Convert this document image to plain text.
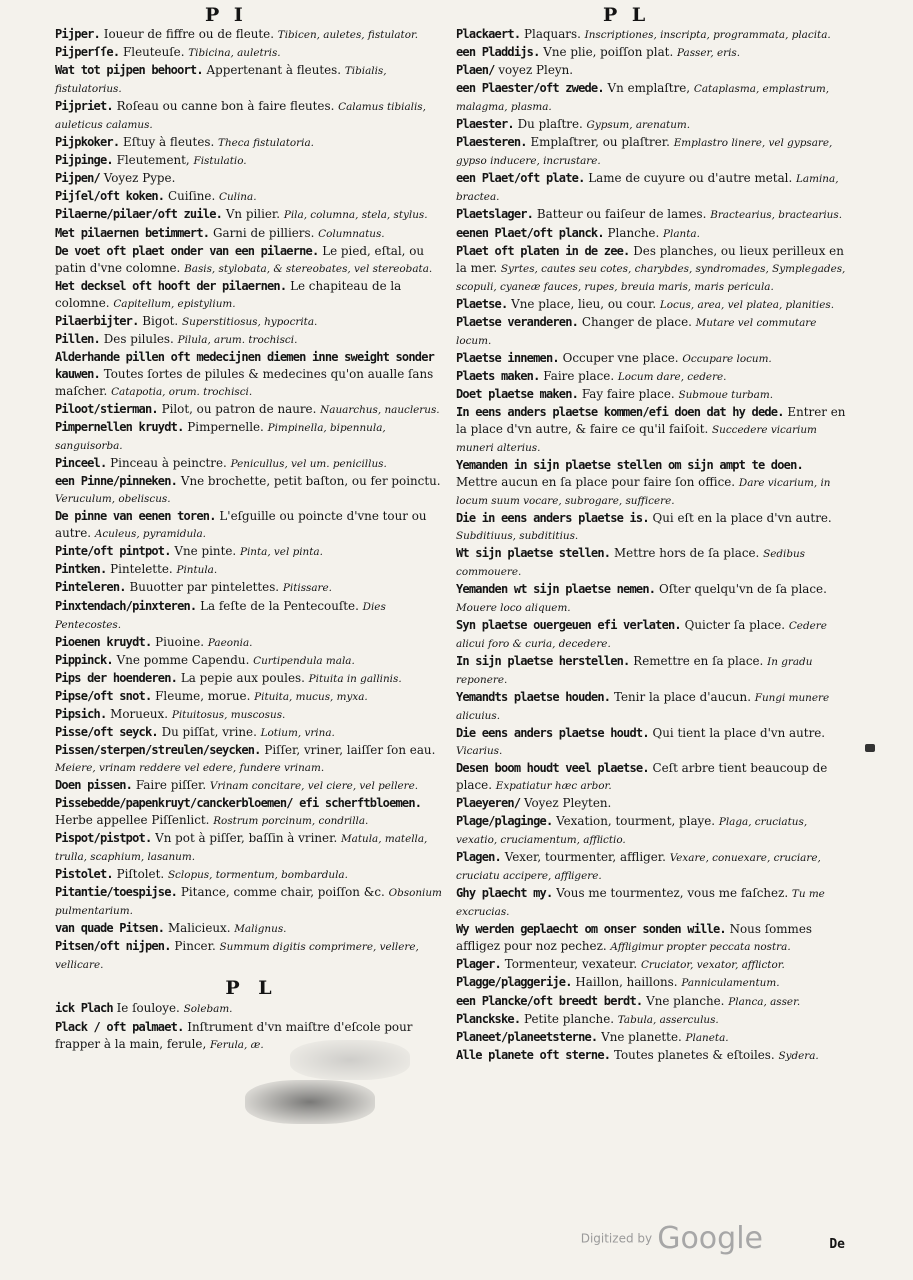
P I	P L

Pijper. Ioueur de fiffre ou de fleute. Tibicen, auletes, fistulator.

Pijperſſe. Fleuteuſe. Tibicina, auletris.

Wat tot pijpen behoort. Appertenant à fleutes. Tibialis, fistulatorius.

Pijpriet. Roſeau ou canne bon à faire fleutes. Calamus tibialis, auleticus calamus.

Pijpkoker. Eſtuy à fleutes. Theca fistulatoria.

Pijpinge. Fleutement, Fistulatio.

Pijpen/ Voyez Pype.

Pijſel/oft koken. Cuiſine. Culina.

Pilaerne/pilaer/oft zuile. Vn pilier. Pila, columna, stela, stylus.

Met pilaernen betimmert. Garni de pilliers. Columnatus.

De voet oft plaet onder van een pilaerne. Le pied, eſtal, ou patin d'vne colomne. Basis, stylobata, & stereobates, vel stereobata.

Het decksel oft hooft der pilaernen. Le chapiteau de la colomne. Capitellum, epistylium.

Pilaerbijter. Bigot. Superstitiosus, hypocrita.

Pillen. Des pilules. Pilula, arum. trochisci.

Alderhande pillen oft medecijnen diemen inne sweight sonder kauwen. Toutes ſortes de pilules & medecines qu'on aualle ſans maſcher. Catapotia, orum. trochisci.

Piloot/stierman. Pilot, ou patron de naure. Nauarchus, nauclerus.

Pimpernellen kruydt. Pimpernelle. Pimpinella, bipennula, sanguisorba.

Pinceel. Pinceau à peinctre. Penicullus, vel um. penicillus.

een Pinne/pinneken. Vne brochette, petit baſton, ou fer poinctu. Veruculum, obeliscus.

De pinne van eenen toren. L'eſguille ou poincte d'vne tour ou autre. Aculeus, pyramidula.

Pinte/oft pintpot. Vne pinte. Pinta, vel pinta.

Pintken. Pintelette. Pintula.

Pinteleren. Buuotter par pintelettes. Pitissare.

Pinxtendach/pinxteren. La feſte de la Pentecouſte. Dies Pentecostes.

Pioenen kruydt. Piuoine. Paeonia.

Pippinck. Vne pomme Capendu. Curtipendula mala.

Pips der hoenderen. La pepie aux poules. Pituita in gallinis.

Pipse/oft snot. Fleume, morue. Pituita, mucus, myxa.

Pipsich. Morueux. Pituitosus, muscosus.

Pisse/oft seyck. Du piſſat, vrine. Lotium, vrina.

Pissen/sterpen/streulen/seycken. Piſſer, vriner, laiſſer ſon eau. Meiere, vrinam reddere vel edere, fundere vrinam.

Doen pissen. Faire piſſer. Vrinam concitare, vel ciere, vel pellere.

Pissebedde/papenkruyt/canckerbloemen/ efi scherftbloemen. Herbe appellee Piſſenlict. Rostrum porcinum, condrilla.

Pispot/pistpot. Vn pot à piſſer, baſſin à vriner. Matula, matella, trulla, scaphium, lasanum.

Pistolet. Piſtolet. Sclopus, tormentum, bombardula.

Pitantie/toespijse. Pitance, comme chair, poiſſon &c. Obsonium pulmentarium.

van quade Pitsen. Malicieux. Malignus.

Pitsen/oft nijpen. Pincer. Summum digitis comprimere, vellere, vellicare.

P L

ick Plach Ie ſouloye. Solebam.

Plack / oft palmaet. Inſtrument d'vn maiſtre d'eſcole pour frapper à la main, ferule, Ferula, æ.

Plackaert. Plaquars. Inscriptiones, inscripta, programmata, placita.

een Pladdijs. Vne plie, poiſſon plat. Passer, eris.

Plaen/ voyez Pleyn.

een Plaester/oft zwede. Vn emplaſtre, Cataplasma, emplastrum, malagma, plasma.

Plaester. Du plaſtre. Gypsum, arenatum.

Plaesteren. Emplaſtrer, ou plaſtrer. Emplastro linere, vel gypsare, gypso inducere, incrustare.

een Plaet/oft plate. Lame de cuyure ou d'autre metal. Lamina, bractea.

Plaetslager. Batteur ou faiſeur de lames. Bractearius, bractearius.

eenen Plaet/oft planck. Planche. Planta.

Plaet oft platen in de zee. Des planches, ou lieux perilleux en la mer. Syrtes, cautes seu cotes, charybdes, syndromades, Symplegades, scopuli, cyaneæ fauces, rupes, breuia maris, maris pericula.

Plaetse. Vne place, lieu, ou cour. Locus, area, vel platea, planities.

Plaetse veranderen. Changer de place. Mutare vel commutare locum.

Plaetse innemen. Occuper vne place. Occupare locum.

Plaets maken. Faire place. Locum dare, cedere.

Doet plaetse maken. Fay faire place. Submoue turbam.

In eens anders plaetse kommen/efi doen dat hy dede. Entrer en la place d'vn autre, & faire ce qu'il faiſoit. Succedere vicarium muneri alterius.

Yemanden in sijn plaetse stellen om sijn ampt te doen. Mettre aucun en ſa place pour faire ſon office. Dare vicarium, in locum suum vocare, subrogare, sufficere.

Die in eens anders plaetse is. Qui eſt en la place d'vn autre. Subditiuus, subdititius.

Wt sijn plaetse stellen. Mettre hors de ſa place. Sedibus commouere.

Yemanden wt sijn plaetse nemen. Oſter quelqu'vn de ſa place. Mouere loco aliquem.

Syn plaetse ouergeuen efi verlaten. Quicter ſa place. Cedere alicui foro & curia, decedere.

In sijn plaetse herstellen. Remettre en ſa place. In gradu reponere.

Yemandts plaetse houden. Tenir la place d'aucun. Fungi munere alicuius.

Die eens anders plaetse houdt. Qui tient la place d'vn autre. Vicarius.

Desen boom houdt veel plaetse. Ceſt arbre tient beaucoup de place. Expatiatur hæc arbor.

Plaeyeren/ Voyez Pleyten.

Plage/plaginge. Vexation, tourment, playe. Plaga, cruciatus, vexatio, cruciamentum, afflictio.

Plagen. Vexer, tourmenter, affliger. Vexare, conuexare, cruciare, cruciatu accipere, affligere.

Ghy plaecht my. Vous me tourmentez, vous me faſchez. Tu me excrucias.

Wy werden geplaecht om onser sonden wille. Nous ſommes affligez pour noz pechez. Affligimur propter peccata nostra.

Plager. Tormenteur, vexateur. Cruciator, vexator, afflictor.

Plagge/plaggerije. Haillon, haillons. Panniculamentum.

een Plancke/oft breedt berdt. Vne planche. Planca, asser.

Planckske. Petite planche. Tabula, asserculus.

Planeet/planeetsterne. Vne planette. Planeta.

Alle planete oft sterne. Toutes planetes & eſtoiles. Sydera.

De
Digitized by Google
